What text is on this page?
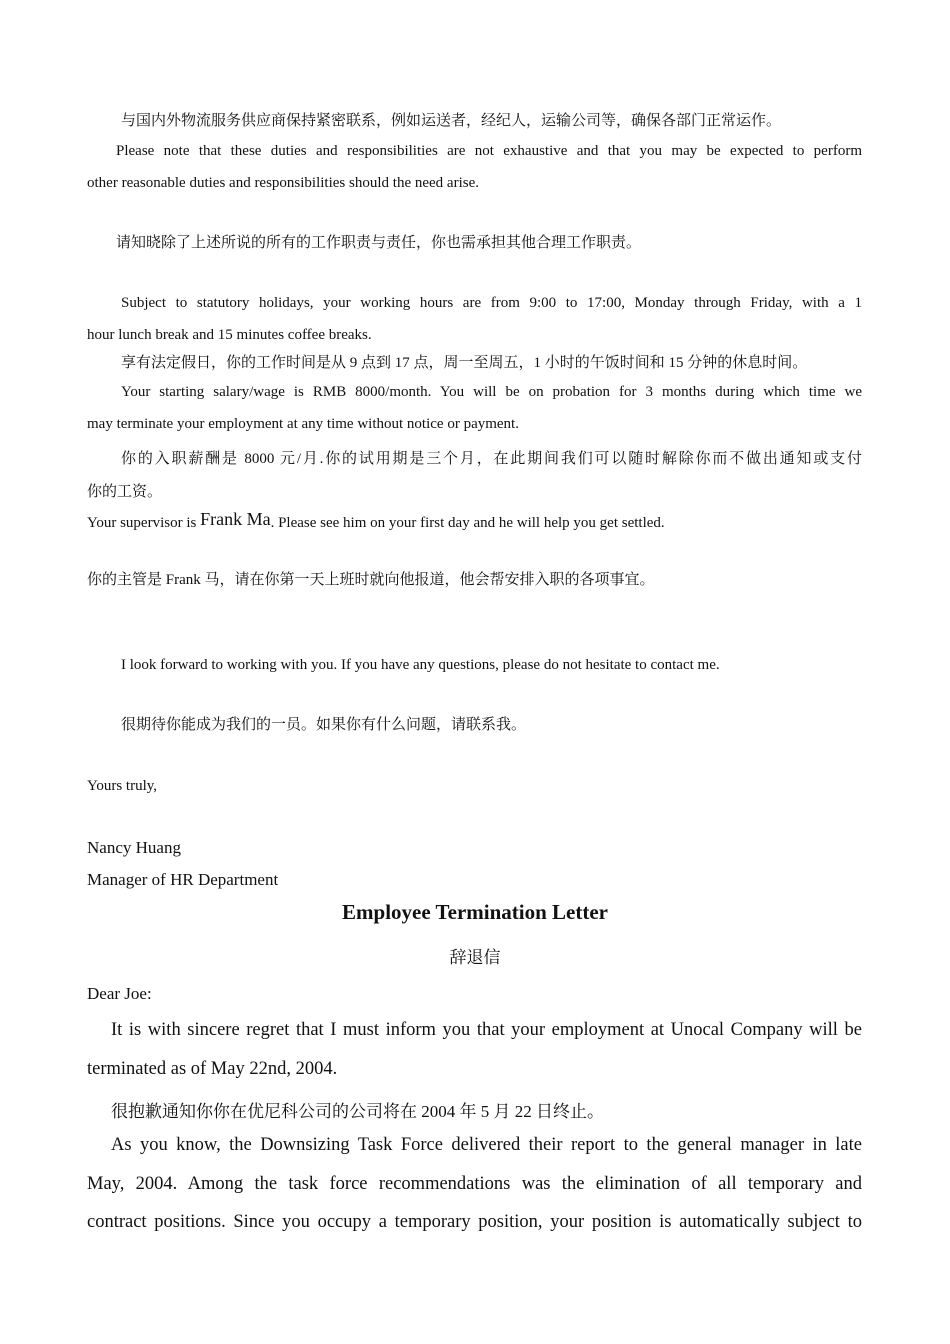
与国内外物流服务供应商保持紧密联系，例如运送者，经纪人，运输公司等，确保各部门正常运作。

Please note that these duties and responsibilities are not exhaustive and that you may be expected to perform

other reasonable duties and responsibilities should the need arise.

请知晓除了上述所说的所有的工作职责与责任，你也需承担其他合理工作职责。

Subject to statutory holidays, your working hours are from 9:00 to 17:00, Monday through Friday, with a 1

hour lunch break and 15 minutes coffee breaks.

享有法定假日，你的工作时间是从 9 点到 17 点，周一至周五，1 小时的午饭时间和 15 分钟的休息时间。

Your starting salary/wage is RMB 8000/month. You will be on probation for 3 months during which time we

may terminate your employment at any time without notice or payment.

你的入职薪酬是 8000 元/月.你的试用期是三个月，在此期间我们可以随时解除你而不做出通知或支付

你的工资。

Your supervisor is Frank Ma. Please see him on your first day and he will help you get settled.

你的主管是 Frank 马，请在你第一天上班时就向他报道，他会帮安排入职的各项事宜。

I look forward to working with you. If you have any questions, please do not hesitate to contact me.

很期待你能成为我们的一员。如果你有什么问题，请联系我。

Yours truly,

Nancy Huang

Manager of HR Department

Employee Termination Letter

辞退信

Dear Joe:

It is with sincere regret that I must inform you that your employment at Unocal Company will be

terminated as of May 22nd, 2004.

很抱歉通知你你在优尼科公司的公司将在 2004 年 5 月 22 日终止。

As you know, the Downsizing Task Force delivered their report to the general manager in late

May, 2004. Among the task force recommendations was the elimination of all temporary and

contract positions. Since you occupy a temporary position, your position is automatically subject to
